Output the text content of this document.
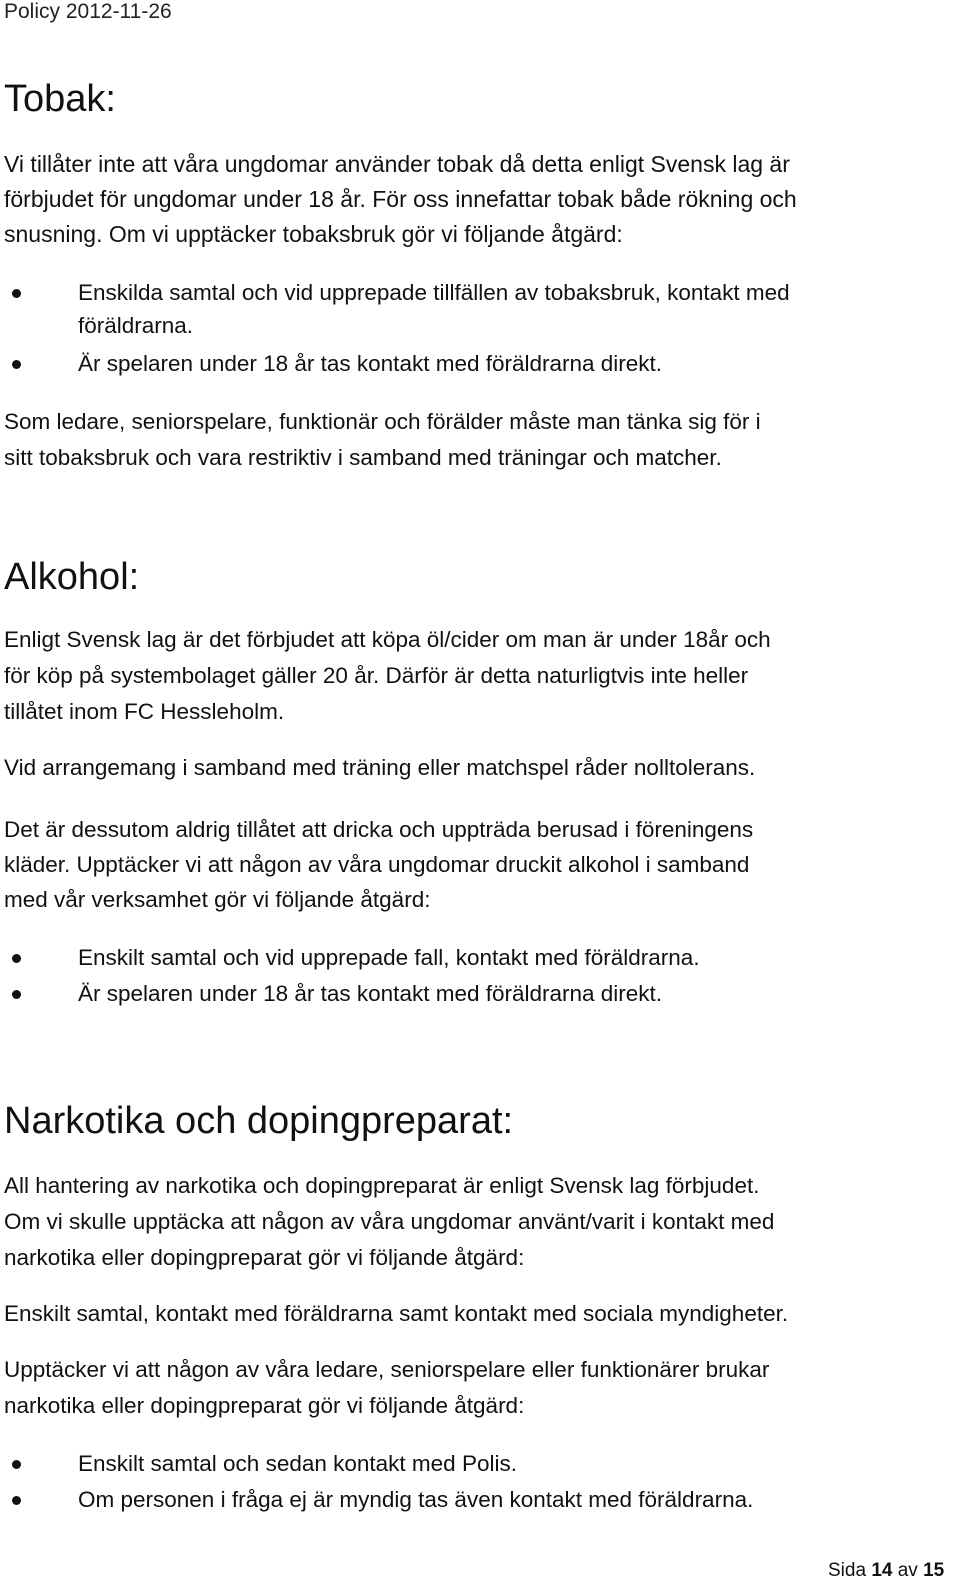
Policy 2012-11-26
Tobak:

Vi tillåter inte att våra ungdomar använder tobak då detta enligt Svensk lag är

förbjudet för ungdomar under 18 år. För oss innefattar tobak både rökning och

snusning. Om vi upptäcker tobaksbruk gör vi följande åtgärd:

Enskilda samtal och vid upprepade tillfällen av tobaksbruk, kontakt med
föräldrarna.
Är spelaren under 18 år tas kontakt med föräldrarna direkt.

Som ledare, seniorspelare, funktionär och förälder måste man tänka sig för i

sitt tobaksbruk och vara restriktiv i samband med träningar och matcher.

Alkohol:

Enligt Svensk lag är det förbjudet att köpa öl/cider om man är under 18år och

för köp på systembolaget gäller 20 år. Därför är detta naturligtvis inte heller

tillåtet inom FC Hessleholm.

Vid arrangemang i samband med träning eller matchspel råder nolltolerans.

Det är dessutom aldrig tillåtet att dricka och uppträda berusad i föreningens

kläder. Upptäcker vi att någon av våra ungdomar druckit alkohol i samband

med vår verksamhet gör vi följande åtgärd:

Enskilt samtal och vid upprepade fall, kontakt med föräldrarna.
Är spelaren under 18 år tas kontakt med föräldrarna direkt.
Narkotika och dopingpreparat:

All hantering av narkotika och dopingpreparat är enligt Svensk lag förbjudet.

Om vi skulle upptäcka att någon av våra ungdomar använt/varit i kontakt med

narkotika eller dopingpreparat gör vi följande åtgärd:

Enskilt samtal, kontakt med föräldrarna samt kontakt med sociala myndigheter.

Upptäcker vi att någon av våra ledare, seniorspelare eller funktionärer brukar

narkotika eller dopingpreparat gör vi följande åtgärd:

Enskilt samtal och sedan kontakt med Polis.
Om personen i fråga ej är myndig tas även kontakt med föräldrarna.
Sida 14 av 15
